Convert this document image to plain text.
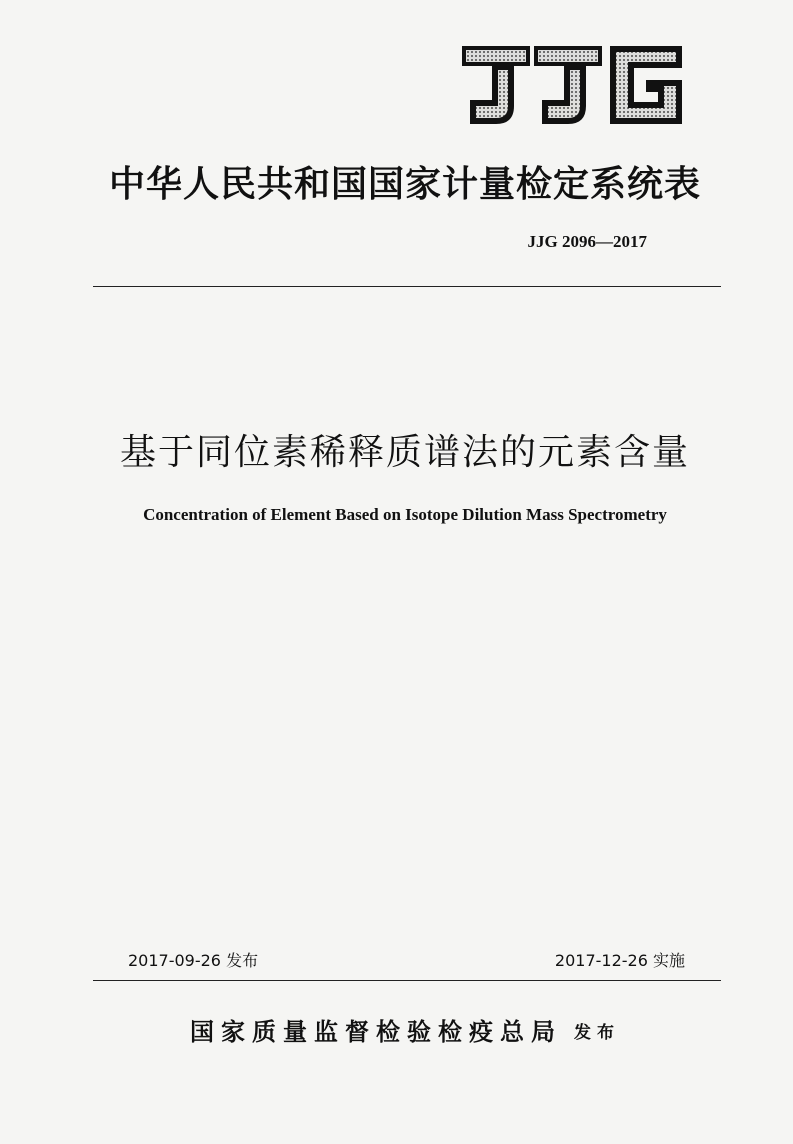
中华人民共和国国家计量检定系统表
JJG 2096—2017
基于同位素稀释质谱法的元素含量
Concentration of Element Based on Isotope Dilution Mass Spectrometry
2017-09-26 发布	2017-12-26 实施
国家质量监督检验检疫总局 发布
